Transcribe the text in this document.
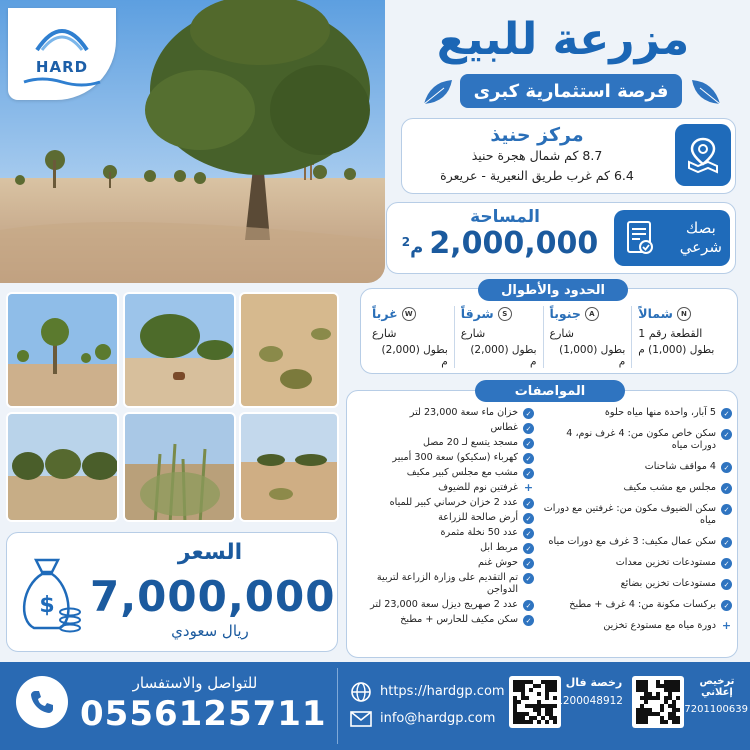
HARD
مزرعة للبيع
فرصة استثمارية كبرى
مركز حنيذ
8.7 كم شمال هجرة حنيذ
6.4 كم غرب طريق النعيرية - عريعرة
بصك
شرعي
المساحة
م$^2$ 2,000,000
الحدود والأطوال
N
شمالاً
القطعة رقم 1
بطول (1,000) م
A
جنوباً
شارع
بطول (1,000) م
S
شرقاً
شارع
بطول (2,000) م
W
غرباً
شارع
بطول (2,000) م
المواصفات
✓
5 آبار، واحدة منها مياه حلوة
✓
سكن خاص مكون من: 4 غرف نوم، 4 دورات مياه
✓
4 مواقف شاحنات
✓
مجلس مع مشب مكيف
✓
سكن الضيوف مكون من: غرفتين مع دورات مياه
✓
سكن عمال مكيف: 3 غرف مع دورات مياه
✓
مستودعات تخزين معدات
✓
مستودعات تخزين بضائع
✓
بركسات مكونة من: 4 غرف + مطبخ
+
دورة مياه مع مستودع تخزين
✓
خزان ماء سعة 23,000 لتر
✓
غطاس
✓
مسجد يتسع لـ 20 مصل
✓
كهرباء (سكيكو) سعة 300 أمبير
✓
مشب مع مجلس كبير مكيف
+
غرفتين نوم للضيوف
✓
عدد 2 خزان خرساني كبير للمياه
✓
أرض صالحة للزراعة
✓
عدد 50 نخلة مثمرة
✓
مربط ابل
✓
حوش غنم
✓
تم التقديم على وزارة الزراعة لتربية الدواجن
✓
عدد 2 صهريج ديزل سعة 23,000 لتر
✓
سكن مكيف للحارس + مطبخ
$
السعر
7,000,000
ريال سعودي
للتواصل والاستفسار
0556125711
https://hardgp.com
info@hardgp.com
رخصة فال
1200048912
ترخيص إعلاني
7201100639
